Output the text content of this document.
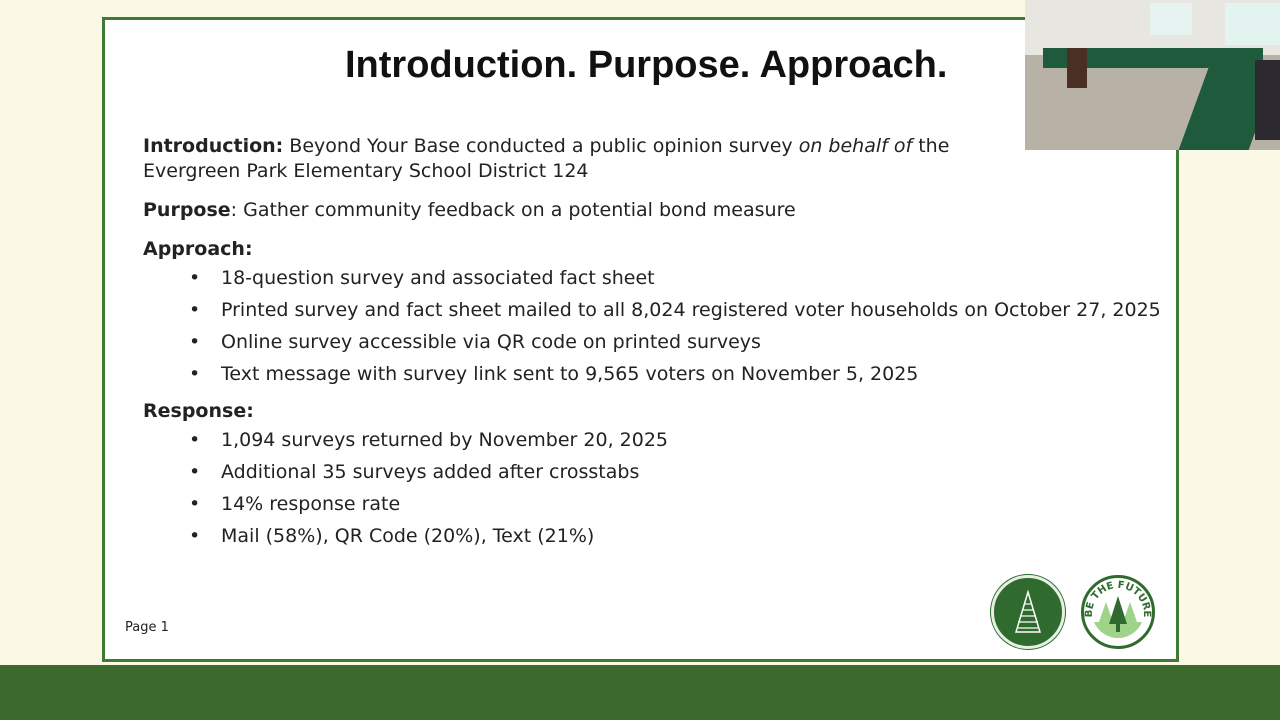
Introduction. Purpose. Approach.
Introduction: Beyond Your Base conducted a public opinion survey on behalf of the
Evergreen Park Elementary School District 124
Purpose: Gather community feedback on a potential bond measure
Approach:
• 18-question survey and associated fact sheet
• Printed survey and fact sheet mailed to all 8,024 registered voter households on October 27, 2025
• Online survey accessible via QR code on printed surveys
• Text message with survey link sent to 9,565 voters on November 5, 2025
Response:
• 1,094 surveys returned by November 20, 2025
• Additional 35 surveys added after crosstabs
• 14% response rate
• Mail (58%), QR Code (20%), Text (21%)
Page 1
BE THE FUTURE
